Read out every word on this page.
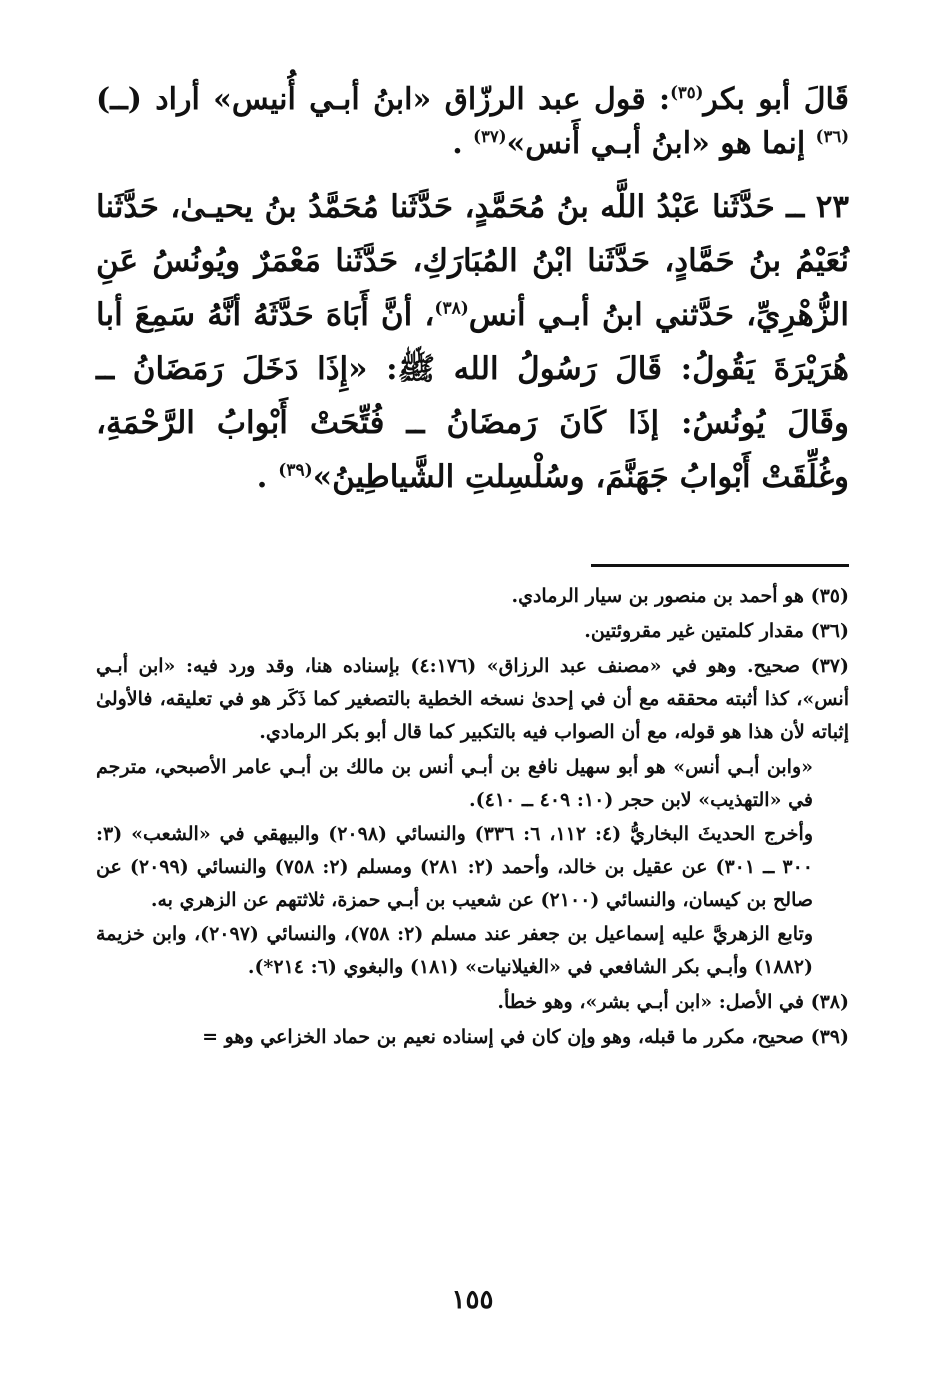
قَالَ أبو بكر$^{(٣٥)}$: قول عبد الرزّاق «ابنُ أبـي أُنيس» أراد (ــ)$^{(٣٦)}$ إنما هو «ابنُ أبـي أَنس»$^{(٣٧)}$ .

٢٣ ــ حَدَّثَنا عَبْدُ اللَّه بنُ مُحَمَّدٍ، حَدَّثَنا مُحَمَّدُ بنُ يحيـىٰ، حَدَّثَنا نُعَيْمُ بنُ حَمَّادٍ، حَدَّثَنا ابْنُ المُبَارَكِ، حَدَّثَنا مَعْمَرٌ ويُونُسُ عَنِ الزُّهْرِيِّ، حَدَّثني ابنُ أبـي أنس$^{(٣٨)}$، أنَّ أَبَاهَ حَدَّثَهُ أنَّهُ سَمِعَ أبا هُرَيْرَةَ يَقُولُ: قَالَ رَسُولُ الله ﷺ: «إِذَا دَخَلَ رَمَضَانُ ــ وقَالَ يُونُسُ: إذَا كَانَ رَمضَانُ ــ فُتِّحَتْ أَبْوابُ الرَّحْمَةِ، وغُلِّقَتْ أَبْوابُ جَهَنَّمَ، وسُلْسِلتِ الشَّياطِينُ»$^{(٣٩)}$ .

(٣٥) هو أحمد بن منصور بن سيار الرمادي.
(٣٦) مقدار كلمتين غير مقروئتين.
(٣٧) صحيح. وهو في «مصنف عبد الرزاق» (٤:١٧٦) بإسناده هنا، وقد ورد فيه: «ابن أبـي أنس»، كذا أثبته محققه مع أن في إحدىٰ نسخه الخطية بالتصغير كما ذَكَر هو في تعليقه، فالأولىٰ إثباته لأن هذا هو قوله، مع أن الصواب فيه بالتكبير كما قال أبو بكر الرمادي.
«وابن أبـي أنس» هو أبو سهيل نافع بن أبـي أنس بن مالك بن أبـي عامر الأصبحي، مترجم في «التهذيب» لابن حجر (١٠: ٤٠٩ ــ ٤١٠).
وأخرج الحديثَ البخاريُّ (٤: ١١٢، ٦: ٣٣٦) والنسائي (٢٠٩٨) والبيهقي في «الشعب» (٣: ٣٠٠ ــ ٣٠١) عن عقيل بن خالد، وأحمد (٢: ٢٨١) ومسلم (٢: ٧٥٨) والنسائي (٢٠٩٩) عن صالح بن كيسان، والنسائي (٢١٠٠) عن شعيب بن أبـي حمزة، ثلاثتهم عن الزهري به.
وتابع الزهريَّ عليه إسماعيل بن جعفر عند مسلم (٢: ٧٥٨)، والنسائي (٢٠٩٧)، وابن خزيمة (١٨٨٢) وأبـي بكر الشافعي في «الغيلانيات» (١٨١) والبغوي (٦: ٢١٤*).
(٣٨) في الأصل: «ابن أبـي بشر»، وهو خطأ.
(٣٩) صحيح، مكرر ما قبله، وهو وإن كان في إسناده نعيم بن حماد الخزاعي وهو =
١٥٥
